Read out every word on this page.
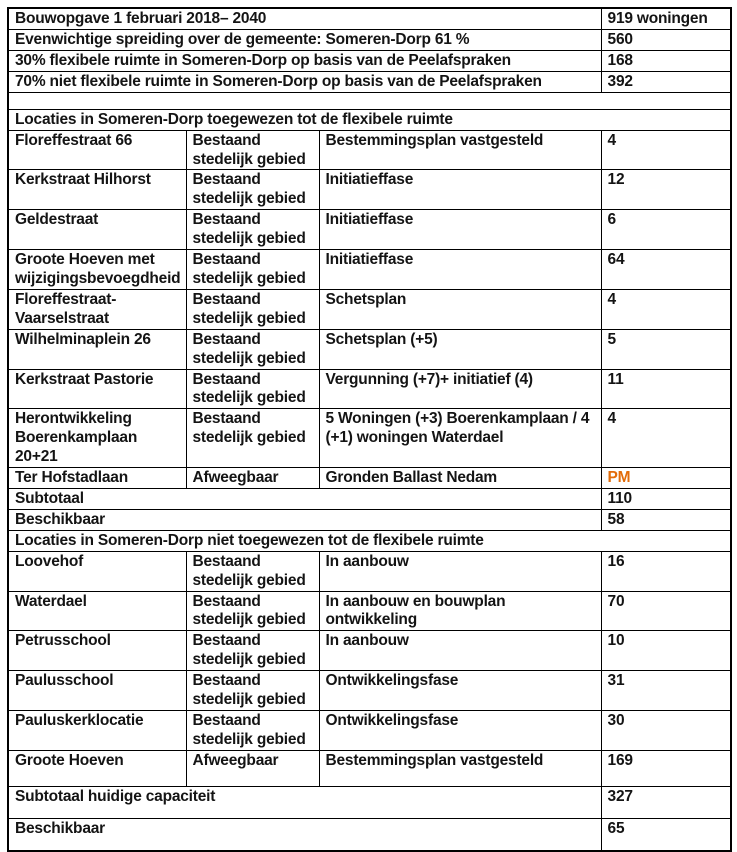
Bouwopgave 1 februari 2018– 2040			919 woningen
Evenwichtige spreiding over de gemeente: Someren-Dorp 61 %			560
30% flexibele ruimte in Someren-Dorp op basis van de Peelafspraken			168
70% niet flexibele ruimte in Someren-Dorp op basis van de Peelafspraken			392

Locaties in Someren-Dorp toegewezen tot de flexibele ruimte			
Floreffestraat 66	Bestaand stedelijk gebied	Bestemmingsplan vastgesteld	4
Kerkstraat Hilhorst	Bestaand stedelijk gebied	Initiatieffase	12
Geldestraat	Bestaand stedelijk gebied	Initiatieffase	6
Groote Hoeven met wijzigingsbevoegdheid	Bestaand stedelijk gebied	Initiatieffase	64
Floreffestraat- Vaarselstraat	Bestaand stedelijk gebied	Schetsplan	4
Wilhelminaplein 26	Bestaand stedelijk gebied	Schetsplan (+5)	5
Kerkstraat Pastorie	Bestaand stedelijk gebied	Vergunning (+7)+ initiatief (4)	11
Herontwikkeling Boerenkamplaan 20+21	Bestaand stedelijk gebied	5 Woningen (+3) Boerenkamplaan / 4 (+1) woningen Waterdael	4
Ter Hofstadlaan	Afweegbaar	Gronden Ballast Nedam	PM
Subtotaal			110
Beschikbaar			58
Locaties in Someren-Dorp niet toegewezen tot de flexibele ruimte			
Loovehof	Bestaand stedelijk gebied	In aanbouw	16
Waterdael	Bestaand stedelijk gebied	In aanbouw en bouwplan ontwikkeling	70
Petrusschool	Bestaand stedelijk gebied	In aanbouw	10
Paulusschool	Bestaand stedelijk gebied	Ontwikkelingsfase	31
Pauluskerklocatie	Bestaand stedelijk gebied	Ontwikkelingsfase	30
Groote Hoeven	Afweegbaar	Bestemmingsplan vastgesteld	169
Subtotaal huidige capaciteit			327
Beschikbaar			65
